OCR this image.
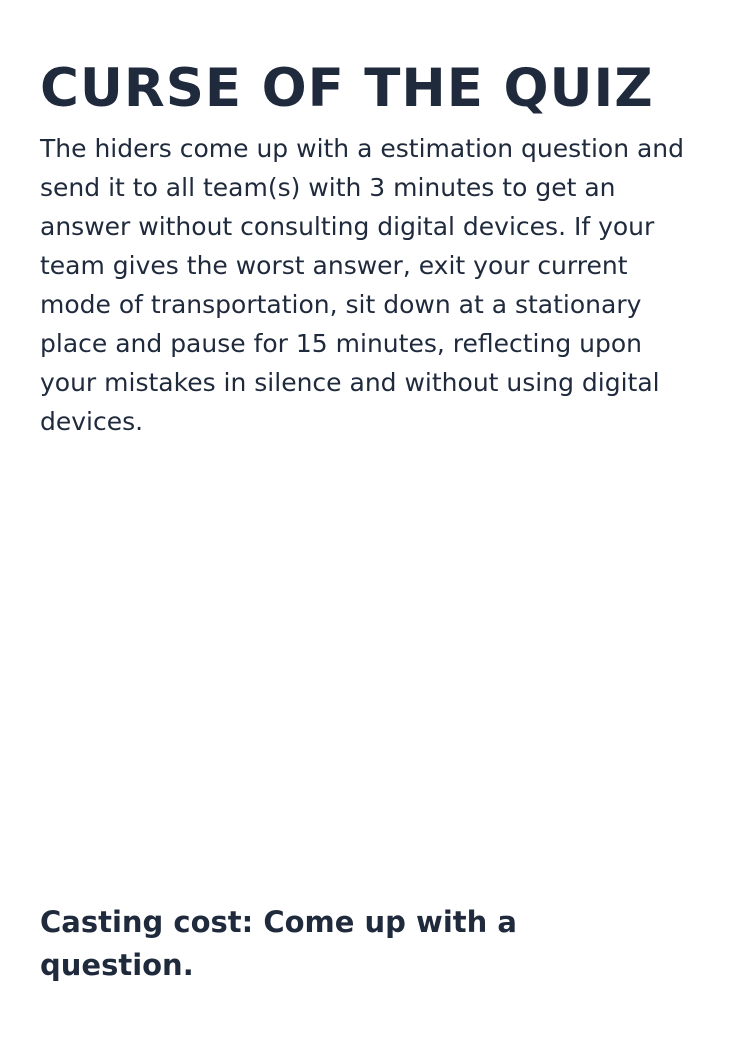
CURSE OF THE QUIZ

The hiders come up with a estimation question and send it to all team(s) with 3 minutes to get an answer without consulting digital devices. If your team gives the worst answer, exit your current mode of transportation, sit down at a stationary place and pause for 15 minutes, reflecting upon your mistakes in silence and without using digital devices.

Casting cost: Come up with a question.
